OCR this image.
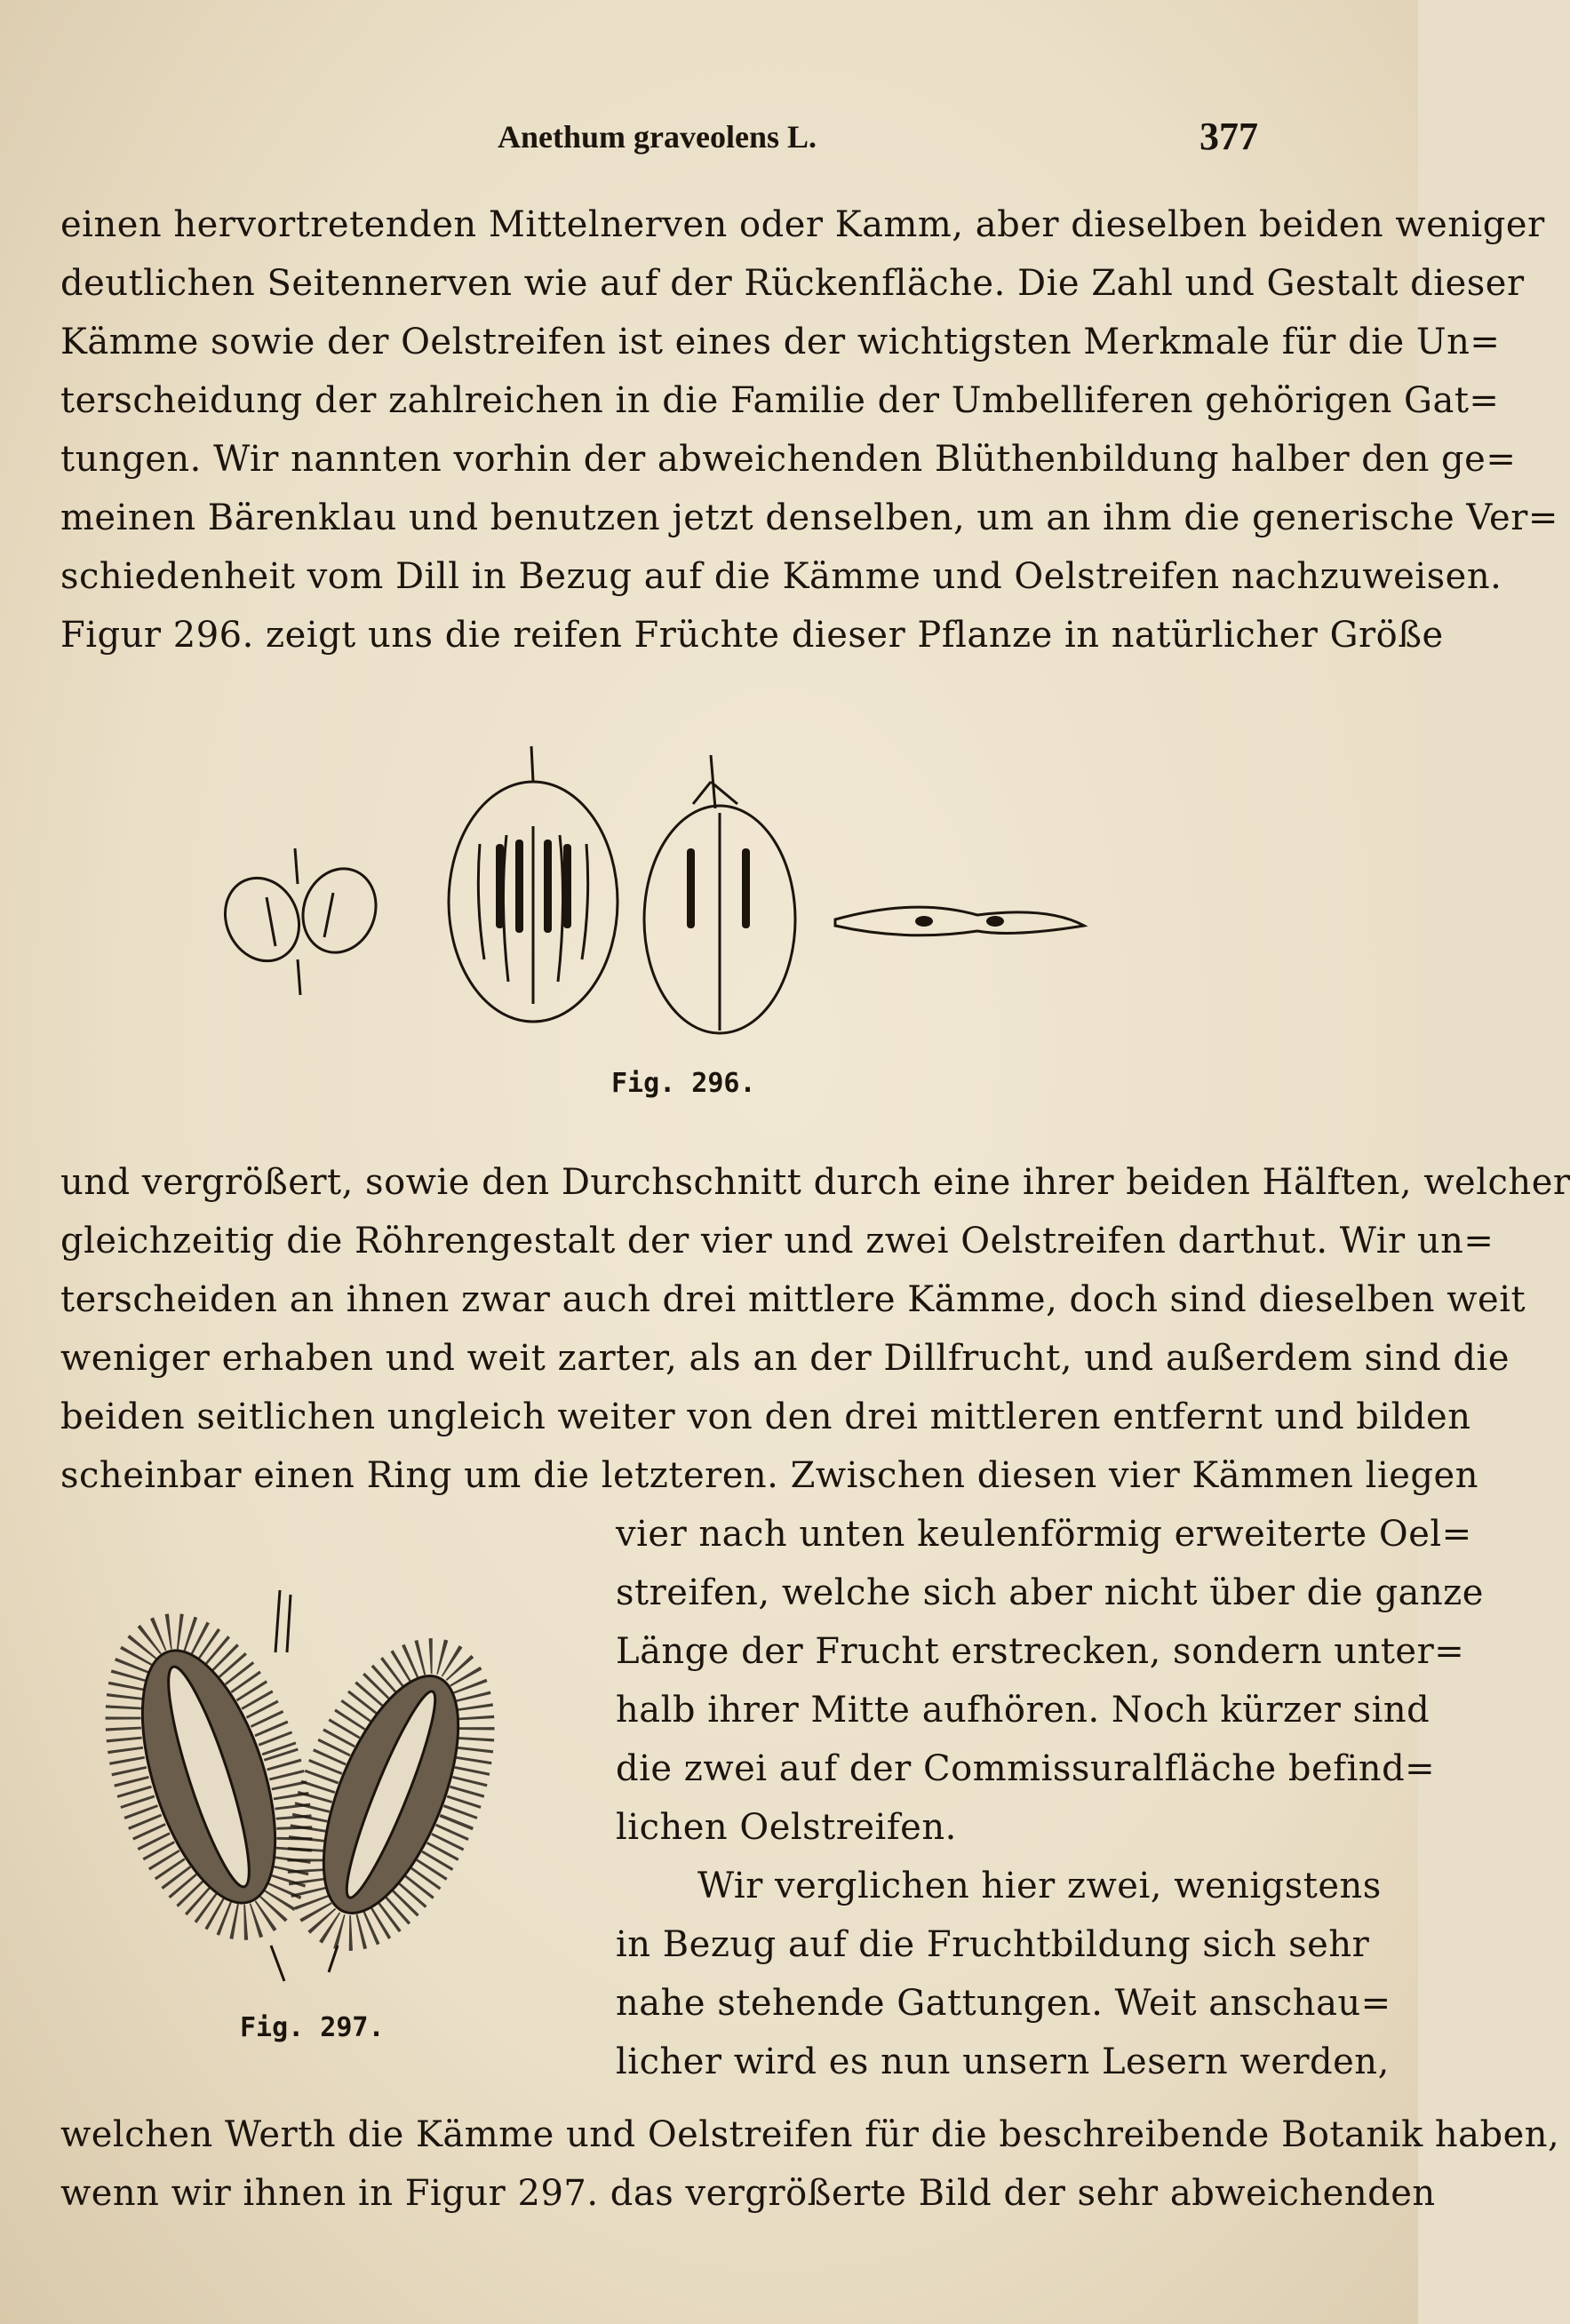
Anethum graveolens L.	377
einen hervortretenden Mittelnerven oder Kamm, aber dieselben beiden weniger
deutlichen Seitennerven wie auf der Rückenfläche. Die Zahl und Gestalt dieser
Kämme sowie der Oelstreifen ist eines der wichtigsten Merkmale für die Un=
terscheidung der zahlreichen in die Familie der Umbelliferen gehörigen Gat=
tungen. Wir nannten vorhin der abweichenden Blüthenbildung halber den ge=
meinen Bärenklau und benutzen jetzt denselben, um an ihm die generische Ver=
schiedenheit vom Dill in Bezug auf die Kämme und Oelstreifen nachzuweisen.
Figur 296. zeigt uns die reifen Früchte dieser Pflanze in natürlicher Größe
Fig. 296.
und vergrößert, sowie den Durchschnitt durch eine ihrer beiden Hälften, welcher
gleichzeitig die Röhrengestalt der vier und zwei Oelstreifen darthut. Wir un=
terscheiden an ihnen zwar auch drei mittlere Kämme, doch sind dieselben weit
weniger erhaben und weit zarter, als an der Dillfrucht, und außerdem sind die
beiden seitlichen ungleich weiter von den drei mittleren entfernt und bilden
scheinbar einen Ring um die letzteren. Zwischen diesen vier Kämmen liegen
vier nach unten keulenförmig erweiterte Oel=
streifen, welche sich aber nicht über die ganze
Länge der Frucht erstrecken, sondern unter=
halb ihrer Mitte aufhören. Noch kürzer sind
die zwei auf der Commissuralfläche befind=
lichen Oelstreifen.
Wir verglichen hier zwei, wenigstens
in Bezug auf die Fruchtbildung sich sehr
nahe stehende Gattungen. Weit anschau=
licher wird es nun unsern Lesern werden,
Fig. 297.
welchen Werth die Kämme und Oelstreifen für die beschreibende Botanik haben,
wenn wir ihnen in Figur 297. das vergrößerte Bild der sehr abweichenden
